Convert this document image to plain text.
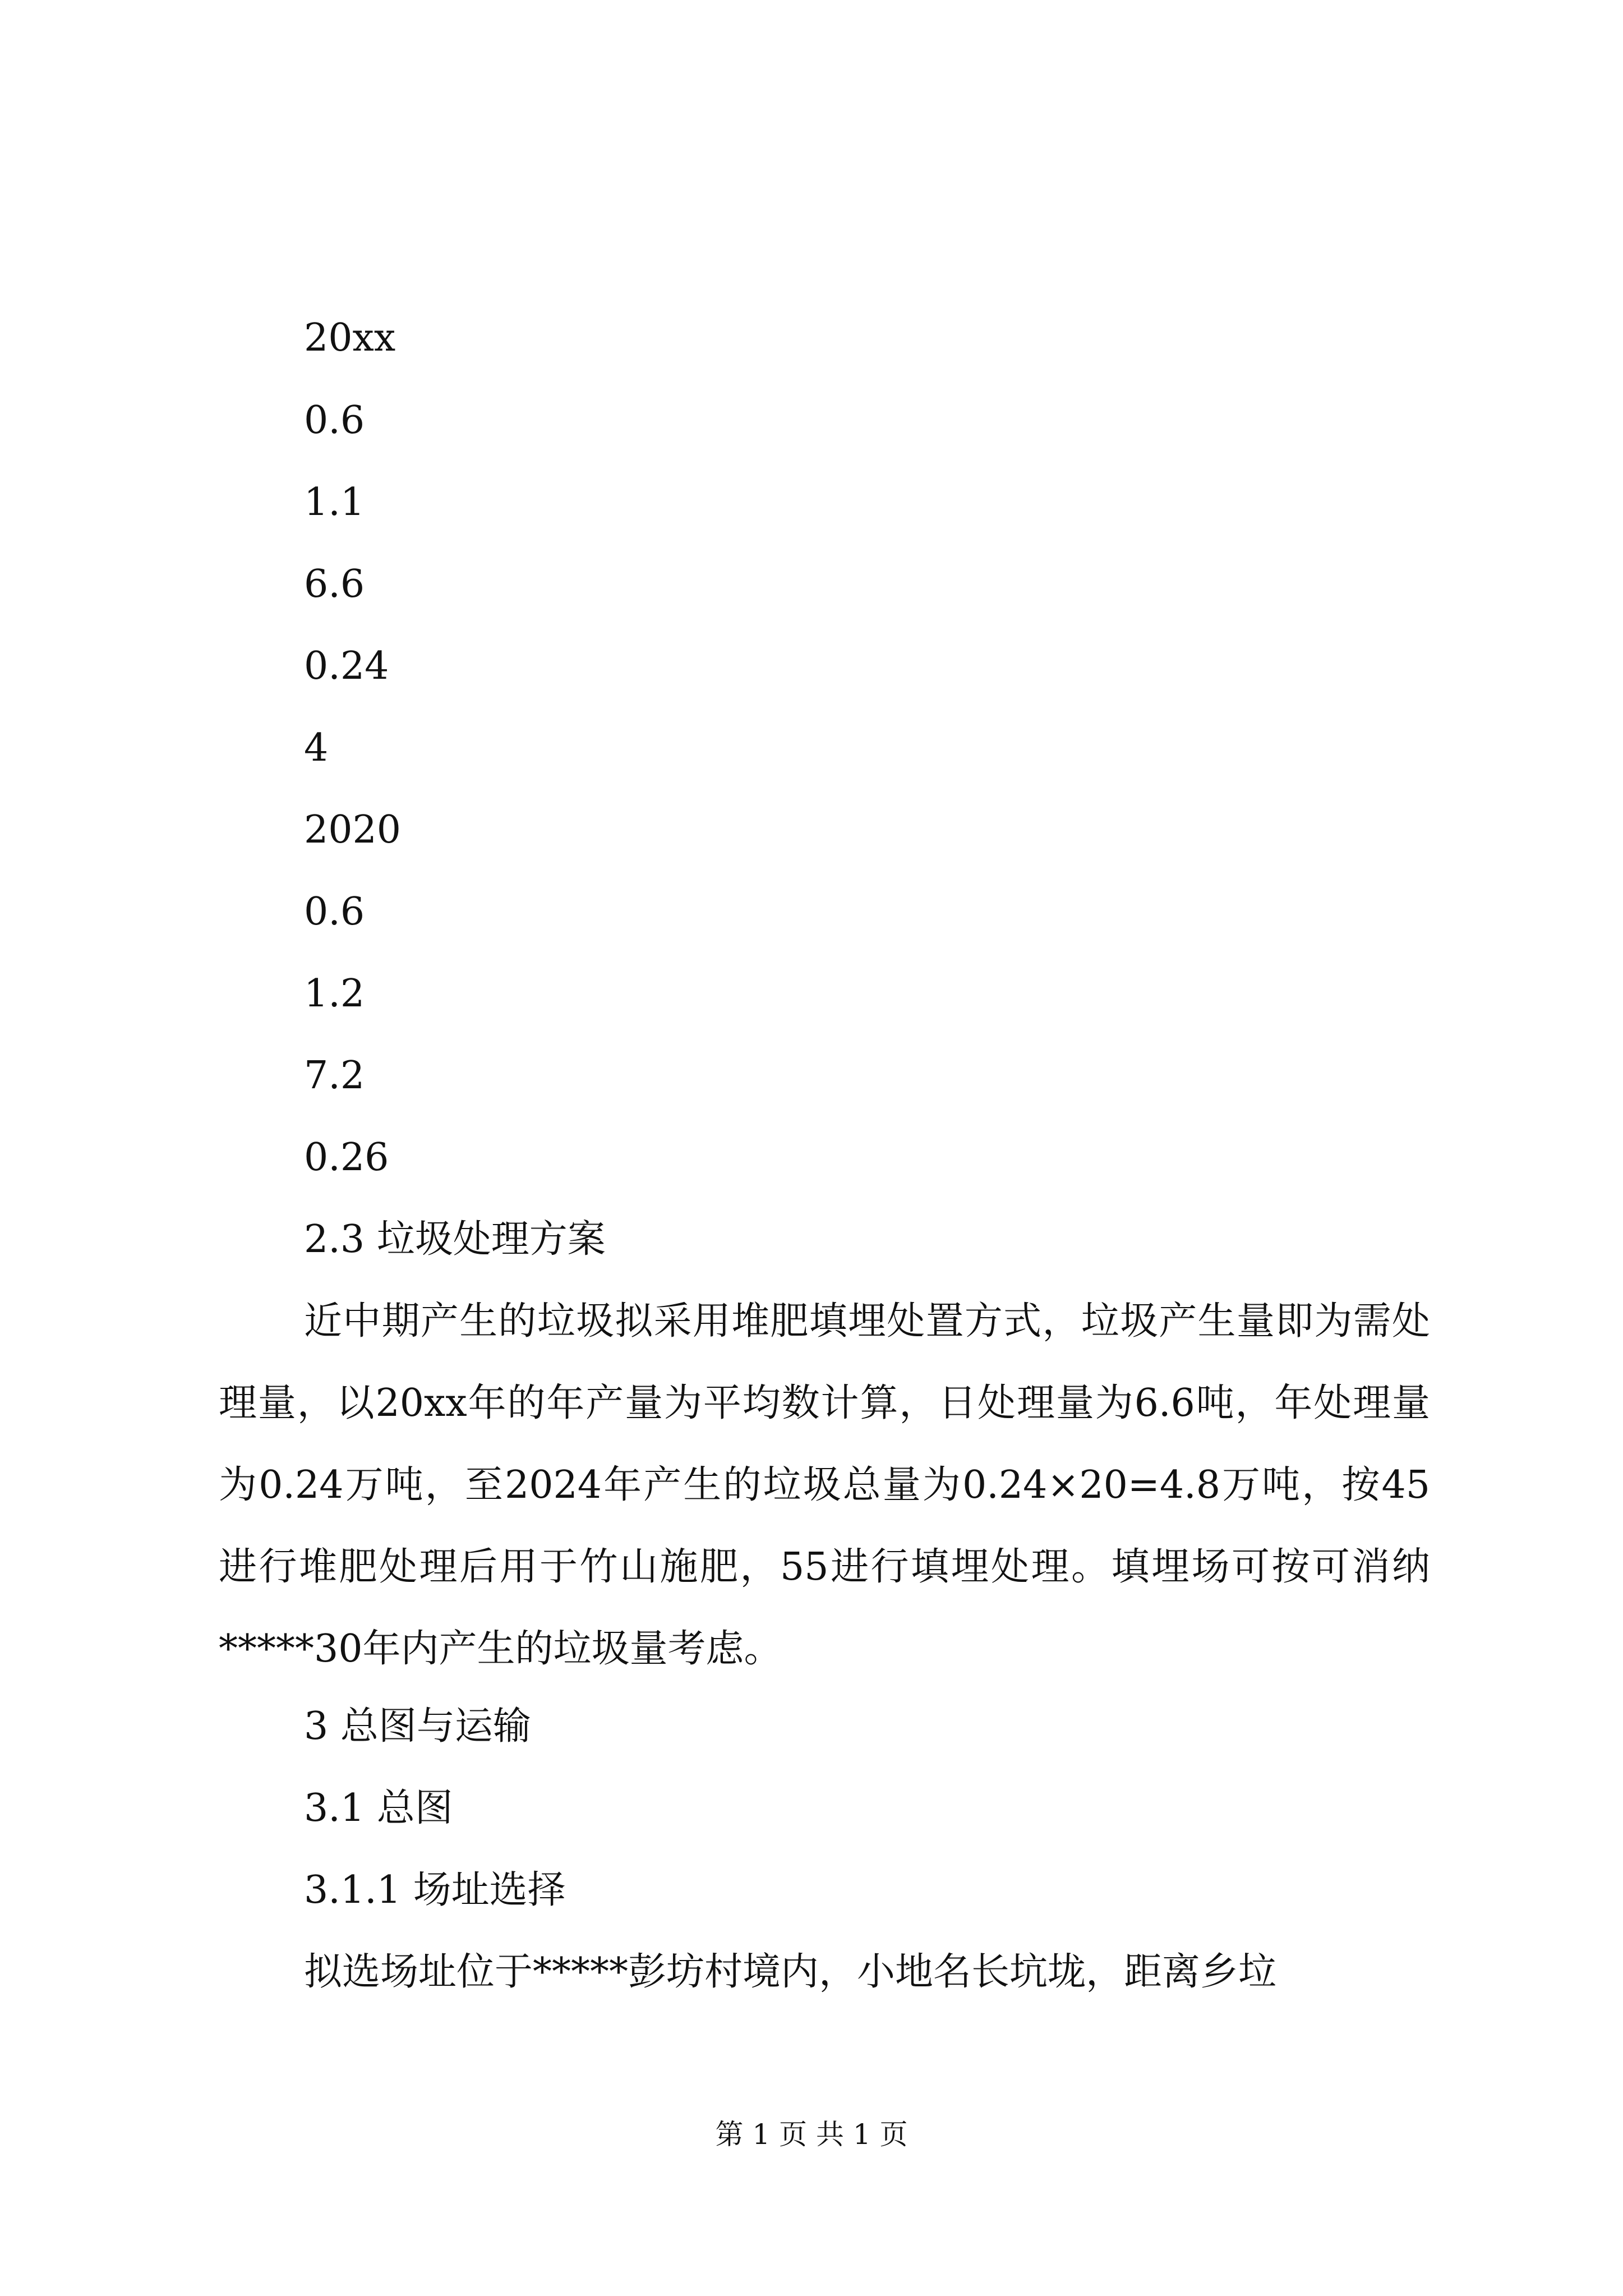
20xx

0.6

1.1

6.6

0.24

4

2020

0.6

1.2

7.2

0.26

2.3 垃圾处理方案

近中期产生的垃圾拟采用堆肥填埋处置方式，垃圾产生量即为需处理量，以20xx年的年产量为平均数计算，日处理量为6.6吨，年处理量为0.24万吨，至2024年产生的垃圾总量为0.24×20=4.8万吨，按45进行堆肥处理后用于竹山施肥，55进行填埋处理。填埋场可按可消纳*****30年内产生的垃圾量考虑。

3 总图与运输

3.1 总图

3.1.1 场址选择

拟选场址位于*****彭坊村境内，小地名长坑垅，距离乡垃

第 1 页 共 1 页
